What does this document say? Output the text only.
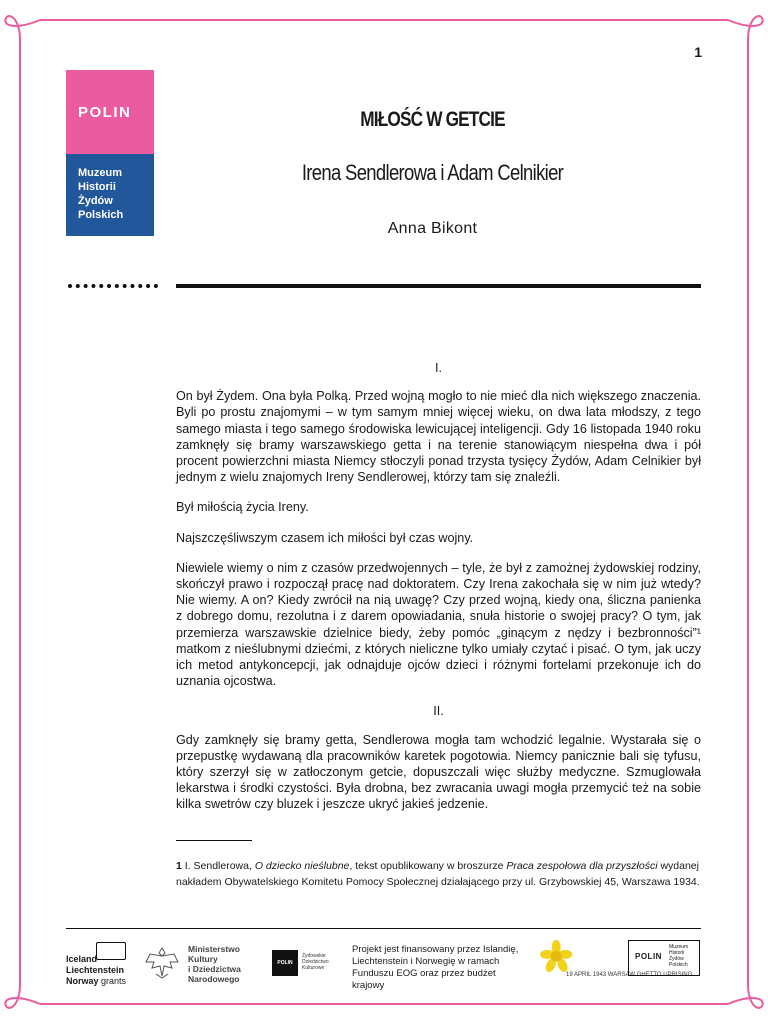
1
POLIN
Muzeum
Historii
Żydów
Polskich
MIŁOŚĆ W GETCIE
Irena Sendlerowa i Adam Celnikier
Anna Bikont

I.

On był Żydem. Ona była Polką. Przed wojną mogło to nie mieć dla nich większego znaczenia. Byli po prostu znajomymi – w tym samym mniej więcej wieku, on dwa lata młodszy, z tego samego miasta i tego samego środowiska lewicującej inteligencji. Gdy 16 listopada 1940 roku zamknęły się bramy warszawskiego getta i na terenie stanowiącym niespełna dwa i pół procent powierzchni miasta Niemcy stłoczyli ponad trzysta tysięcy Żydów, Adam Celnikier był jednym z wielu znajomych Ireny Sendlerowej, którzy tam się znaleźli.

Był miłością życia Ireny.

Najszczęśliwszym czasem ich miłości był czas wojny.

Niewiele wiemy o nim z czasów przedwojennych – tyle, że był z zamożnej żydowskiej rodziny, skończył prawo i rozpoczął pracę nad doktoratem. Czy Irena zakochała się w nim już wtedy? Nie wiemy. A on? Kiedy zwrócił na nią uwagę? Czy przed wojną, kiedy ona, śliczna panienka z dobrego domu, rezolutna i z darem opowiadania, snuła historie o swojej pracy? O tym, jak przemierza warszawskie dzielnice biedy, żeby pomóc „ginącym z nędzy i bezbronności”¹ matkom z nieślubnymi dziećmi, z których nieliczne tylko umiały czytać i pisać. O tym, jak uczy ich metod antykoncepcji, jak odnajduje ojców dzieci i różnymi fortelami przekonuje ich do uznania ojcostwa.

II.

Gdy zamknęły się bramy getta, Sendlerowa mogła tam wchodzić legalnie. Wystarała się o przepustkę wydawaną dla pracowników karetek pogotowia. Niemcy panicznie bali się tyfusu, który szerzył się w zatłoczonym getcie, dopuszczali więc służby medyczne. Szmuglowała lekarstwa i środki czystości. Była drobna, bez zwracania uwagi mogła przemycić też na sobie kilka swetrów czy bluzek i jeszcze ukryć jakieś jedzenie.

1 I. Sendlerowa, O dziecko nieślubne, tekst opublikowany w broszurze Praca zespołowa dla przyszłości wydanej nakładem Obywatelskiego Komitetu Pomocy Społecznej działającego przy ul. Grzybowskiej 45, Warszawa 1934.
Iceland
Liechtenstein
Norway grants
Ministerstwo
Kultury
i Dziedzictwa
Narodowego
POLIN
Żydowskie Dziedzictwo Kulturowe
Projekt jest finansowany przez Islandię, Liechtenstein i Norwegię w ramach Funduszu EOG oraz przez budżet krajowy
19 APRIL 1943 WARSAW GHETTO UPRISING
POLIN
Muzeum Historii Żydów Polskich
